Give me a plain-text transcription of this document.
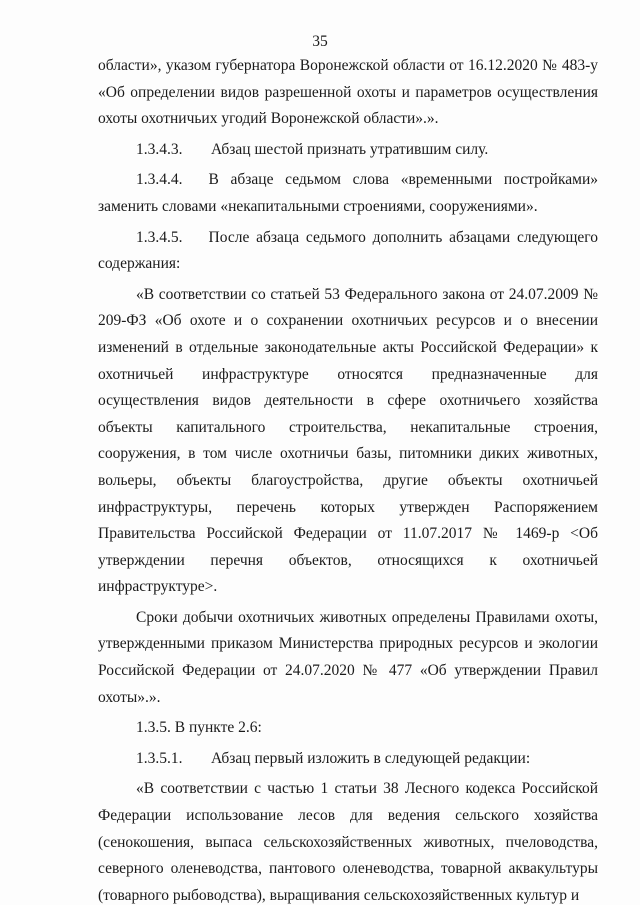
35

области», указом губернатора Воронежской области от 16.12.2020 № 483-у «Об определении видов разрешенной охоты и параметров осуществления охоты охотничьих угодий Воронежской области».».

1.3.4.3.	Абзац шестой признать утратившим силу.

1.3.4.4. В абзаце седьмом слова «временными постройками» заменить словами «некапитальными строениями, сооружениями».

1.3.4.5. После абзаца седьмого дополнить абзацами следующего содержания:

«В соответствии со статьей 53 Федерального закона от 24.07.2009 № 209-ФЗ «Об охоте и о сохранении охотничьих ресурсов и о внесении изменений в отдельные законодательные акты Российской Федерации» к охотничьей инфраструктуре относятся предназначенные для осуществления видов деятельности в сфере охотничьего хозяйства объекты капитального строительства, некапитальные строения, сооружения, в том числе охотничьи базы, питомники диких животных, вольеры, объекты благоустройства, другие объекты охотничьей инфраструктуры, перечень которых утвержден Распоряжением Правительства Российской Федерации от 11.07.2017 № 1469-р <Об утверждении перечня объектов, относящихся к охотничьей инфраструктуре>.

Сроки добычи охотничьих животных определены Правилами охоты, утвержденными приказом Министерства природных ресурсов и экологии Российской Федерации от 24.07.2020 № 477 «Об утверждении Правил охоты».».

1.3.5. В пункте 2.6:

1.3.5.1.	Абзац первый изложить в следующей редакции:

«В соответствии с частью 1 статьи 38 Лесного кодекса Российской Федерации использование лесов для ведения сельского хозяйства (сенокошения, выпаса сельскохозяйственных животных, пчеловодства, северного оленеводства, пантового оленеводства, товарной аквакультуры (товарного рыбоводства), выращивания сельскохозяйственных культур и
